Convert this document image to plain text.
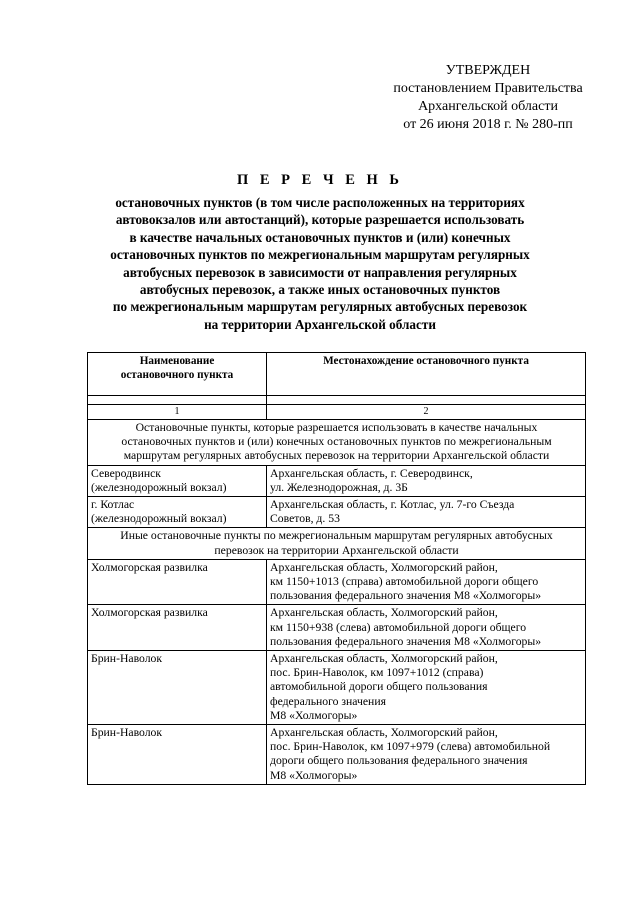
УТВЕРЖДЕН
постановлением Правительства
Архангельской области
от 26 июня 2018 г. № 280-пп
П Е Р Е Ч Е Н Ь
остановочных пунктов (в том числе расположенных на территориях
автовокзалов или автостанций), которые разрешается использовать
в качестве начальных остановочных пунктов и (или) конечных
остановочных пунктов по межрегиональным маршрутам регулярных
автобусных перевозок в зависимости от направления регулярных
автобусных перевозок, а также иных остановочных пунктов
по межрегиональным маршрутам регулярных автобусных перевозок
на территории Архангельской области
Наименование
остановочного пункта	Местонахождение остановочного пункта

1	2

Остановочные пункты, которые разрешается использовать в качестве начальных
остановочных пунктов и (или) конечных остановочных пунктов по межрегиональным
маршрутам регулярных автобусных перевозок на территории Архангельской области	

Северодвинск
(железнодорожный вокзал)	Архангельская область, г. Северодвинск,
ул. Железнодорожная, д. 3Б

г. Котлас
(железнодорожный вокзал)	Архангельская область, г. Котлас, ул. 7-го Съезда
Советов, д. 53

Иные остановочные пункты по межрегиональным маршрутам регулярных автобусных
перевозок на территории Архангельской области	

Холмогорская развилка	Архангельская область, Холмогорский район,
км 1150+1013 (справа) автомобильной дороги общего
пользования федерального значения М8 «Холмогоры»

Холмогорская развилка	Архангельская область, Холмогорский район,
км 1150+938 (слева) автомобильной дороги общего
пользования федерального значения М8 «Холмогоры»

Брин-Наволок	Архангельская область, Холмогорский район,
пос. Брин-Наволок, км 1097+1012 (справа)
автомобильной дороги общего пользования
федерального значения
М8 «Холмогоры»

Брин-Наволок	Архангельская область, Холмогорский район,
пос. Брин-Наволок, км 1097+979 (слева) автомобильной
дороги общего пользования федерального значения
М8 «Холмогоры»
